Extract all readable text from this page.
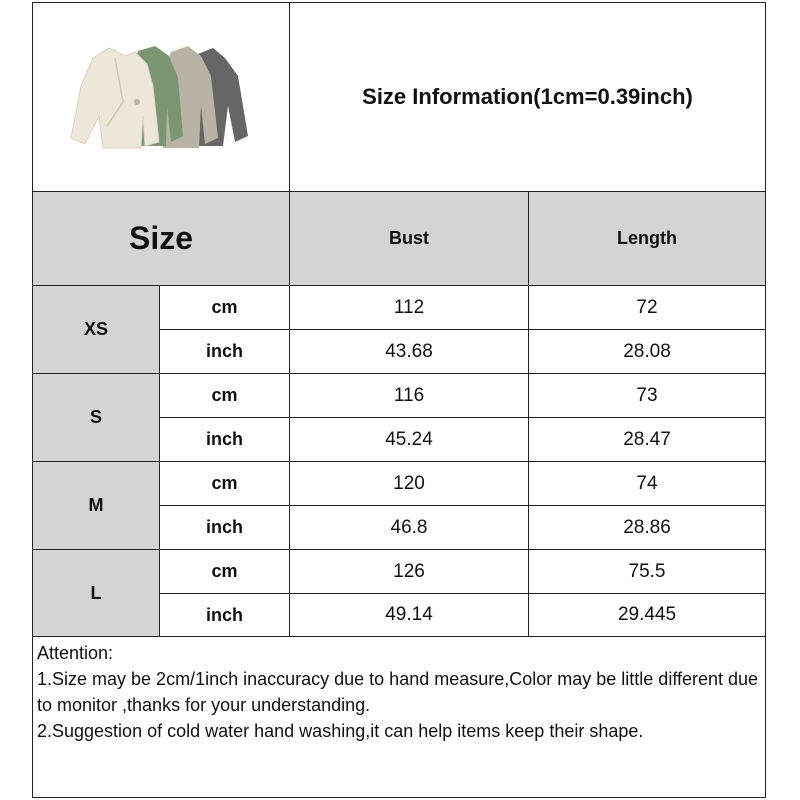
Size Information(1cm=0.39inch)
Size	Bust	Length
XS
cm	112	72
inch	43.68	28.08
S
cm	116	73
inch	45.24	28.47
M
cm	120	74
inch	46.8	28.86
L
cm	126	75.5
inch	49.14	29.445

Attention:

1.Size may be 2cm/1inch inaccuracy due to hand measure,Color may be little different due to monitor ,thanks for your understanding.

2.Suggestion of cold water hand washing,it can help items keep their shape.
